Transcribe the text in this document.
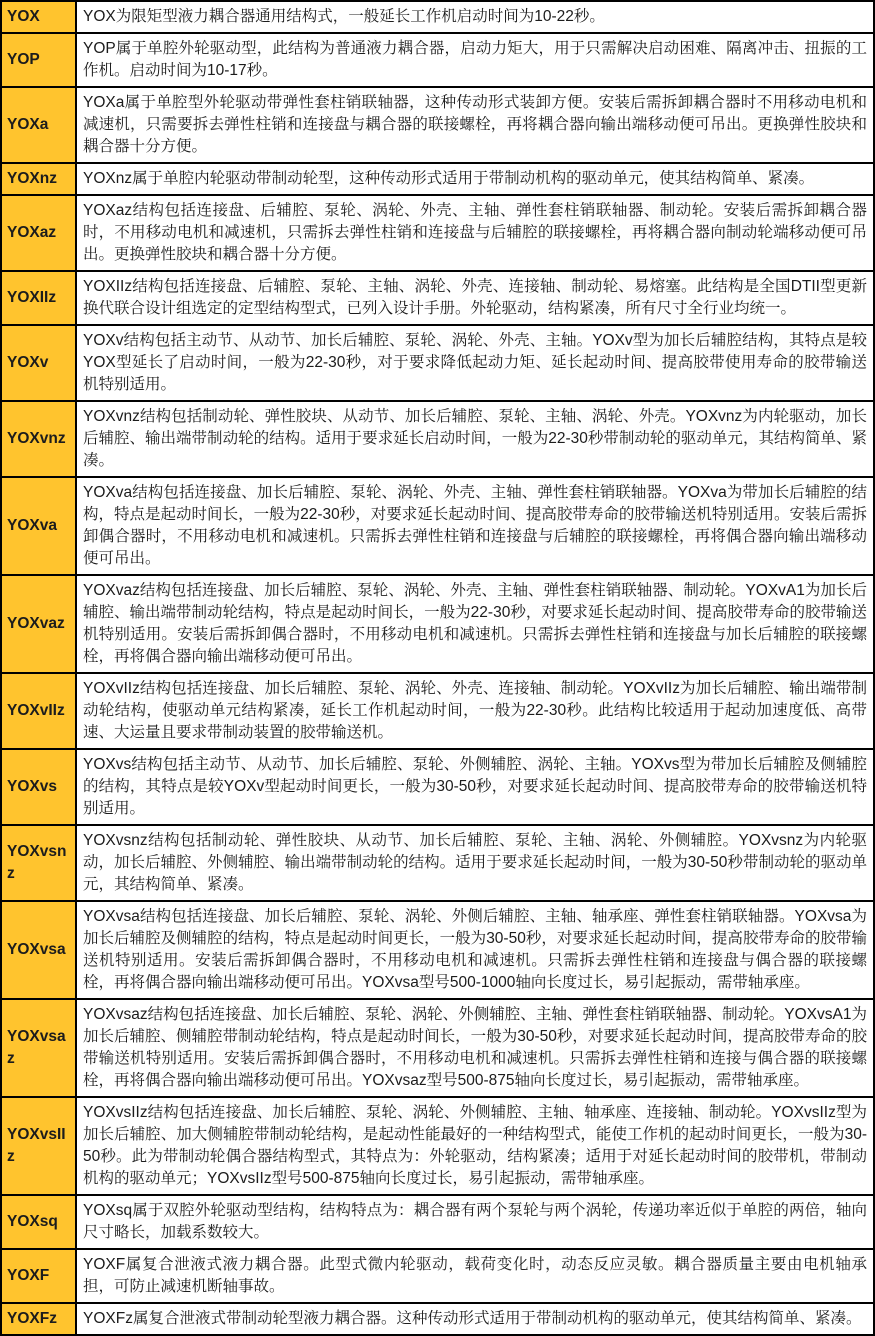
YOX	YOX为限矩型液力耦合器通用结构式，一般延长工作机启动时间为10-22秒。
YOP	YOP属于单腔外轮驱动型，此结构为普通液力耦合器，启动力矩大，用于只需解决启动困难、隔离冲击、扭振的工作机。启动时间为10-17秒。
YOXa	YOXa属于单腔型外轮驱动带弹性套柱销联轴器，这种传动形式装卸方便。安装后需拆卸耦合器时不用移动电机和减速机，只需要拆去弹性柱销和连接盘与耦合器的联接螺栓，再将耦合器向输出端移动便可吊出。更换弹性胶块和耦合器十分方便。
YOXnz	YOXnz属于单腔内轮驱动带制动轮型，这种传动形式适用于带制动机构的驱动单元，使其结构简单、紧凑。
YOXaz	YOXaz结构包括连接盘、后辅腔、泵轮、涡轮、外壳、主轴、弹性套柱销联轴器、制动轮。安装后需拆卸耦合器时，不用移动电机和减速机，只需拆去弹性柱销和连接盘与后辅腔的联接螺栓，再将耦合器向制动轮端移动便可吊出。更换弹性胶块和耦合器十分方便。
YOXIIz	YOXIIz结构包括连接盘、后辅腔、泵轮、主轴、涡轮、外壳、连接轴、制动轮、易熔塞。此结构是全国DTII型更新换代联合设计组选定的定型结构型式，已列入设计手册。外轮驱动，结构紧凑，所有尺寸全行业均统一。
YOXv	YOXv结构包括主动节、从动节、加长后辅腔、泵轮、涡轮、外壳、主轴。YOXv型为加长后辅腔结构，其特点是较YOX型延长了启动时间，一般为22-30秒，对于要求降低起动力矩、延长起动时间、提高胶带使用寿命的胶带输送机特别适用。
YOXvnz	YOXvnz结构包括制动轮、弹性胶块、从动节、加长后辅腔、泵轮、主轴、涡轮、外壳。YOXvnz为内轮驱动，加长后辅腔、输出端带制动轮的结构。适用于要求延长启动时间，一般为22-30秒带制动轮的驱动单元，其结构简单、紧凑。
YOXva	YOXva结构包括连接盘、加长后辅腔、泵轮、涡轮、外壳、主轴、弹性套柱销联轴器。YOXva为带加长后辅腔的结构，特点是起动时间长，一般为22-30秒，对要求延长起动时间、提高胶带寿命的胶带输送机特别适用。安装后需拆卸偶合器时，不用移动电机和减速机。只需拆去弹性柱销和连接盘与后辅腔的联接螺栓，再将偶合器向输出端移动便可吊出。
YOXvaz	YOXvaz结构包括连接盘、加长后辅腔、泵轮、涡轮、外壳、主轴、弹性套柱销联轴器、制动轮。YOXvA1为加长后辅腔、输出端带制动轮结构，特点是起动时间长，一般为22-30秒，对要求延长起动时间、提高胶带寿命的胶带输送机特别适用。安装后需拆卸偶合器时，不用移动电机和减速机。只需拆去弹性柱销和连接盘与加长后辅腔的联接螺栓，再将偶合器向输出端移动便可吊出。
YOXvIIz	YOXvIIz结构包括连接盘、加长后辅腔、泵轮、涡轮、外壳、连接轴、制动轮。YOXvIIz为加长后辅腔、输出端带制动轮结构，使驱动单元结构紧凑，延长工作机起动时间，一般为22-30秒。此结构比较适用于起动加速度低、高带速、大运量且要求带制动装置的胶带输送机。
YOXvs	YOXvs结构包括主动节、从动节、加长后辅腔、泵轮、外侧辅腔、涡轮、主轴。YOXvs型为带加长后辅腔及侧辅腔的结构，其特点是较YOXv型起动时间更长，一般为30-50秒，对要求延长起动时间、提高胶带寿命的胶带输送机特别适用。
YOXvsnz	YOXvsnz结构包括制动轮、弹性胶块、从动节、加长后辅腔、泵轮、主轴、涡轮、外侧辅腔。YOXvsnz为内轮驱动，加长后辅腔、外侧辅腔、输出端带制动轮的结构。适用于要求延长起动时间，一般为30-50秒带制动轮的驱动单元，其结构简单、紧凑。
YOXvsa	YOXvsa结构包括连接盘、加长后辅腔、泵轮、涡轮、外侧后辅腔、主轴、轴承座、弹性套柱销联轴器。YOXvsa为加长后辅腔及侧辅腔的结构，特点是起动时间更长，一般为30-50秒，对要求延长起动时间，提高胶带寿命的胶带输送机特别适用。安装后需拆卸偶合器时，不用移动电机和减速机。只需拆去弹性柱销和连接盘与偶合器的联接螺栓，再将偶合器向输出端移动便可吊出。YOXvsa型号500-1000轴向长度过长，易引起振动，需带轴承座。
YOXvsaz	YOXvsaz结构包括连接盘、加长后辅腔、泵轮、涡轮、外侧辅腔、主轴、弹性套柱销联轴器、制动轮。YOXvsA1为加长后辅腔、侧辅腔带制动轮结构，特点是起动时间长，一般为30-50秒，对要求延长起动时间，提高胶带寿命的胶带输送机特别适用。安装后需拆卸偶合器时，不用移动电机和减速机。只需拆去弹性柱销和连接与偶合器的联接螺栓，再将偶合器向输出端移动便可吊出。YOXvsaz型号500-875轴向长度过长，易引起振动，需带轴承座。
YOXvsIIz	YOXvsIIz结构包括连接盘、加长后辅腔、泵轮、涡轮、外侧辅腔、主轴、轴承座、连接轴、制动轮。YOXvsIIz型为加长后辅腔、加大侧辅腔带制动轮结构，是起动性能最好的一种结构型式，能使工作机的起动时间更长，一般为30-50秒。此为带制动轮偶合器结构型式，其特点为：外轮驱动，结构紧凑；适用于对延长起动时间的胶带机，带制动机构的驱动单元；YOXvsIIz型号500-875轴向长度过长，易引起振动，需带轴承座。
YOXsq	YOXsq属于双腔外轮驱动型结构，结构特点为：耦合器有两个泵轮与两个涡轮，传递功率近似于单腔的两倍，轴向尺寸略长，加载系数较大。
YOXF	YOXF属复合泄液式液力耦合器。此型式微内轮驱动，载荷变化时，动态反应灵敏。耦合器质量主要由电机轴承担，可防止减速机断轴事故。
YOXFz	YOXFz属复合泄液式带制动轮型液力耦合器。这种传动形式适用于带制动机构的驱动单元，使其结构简单、紧凑。
